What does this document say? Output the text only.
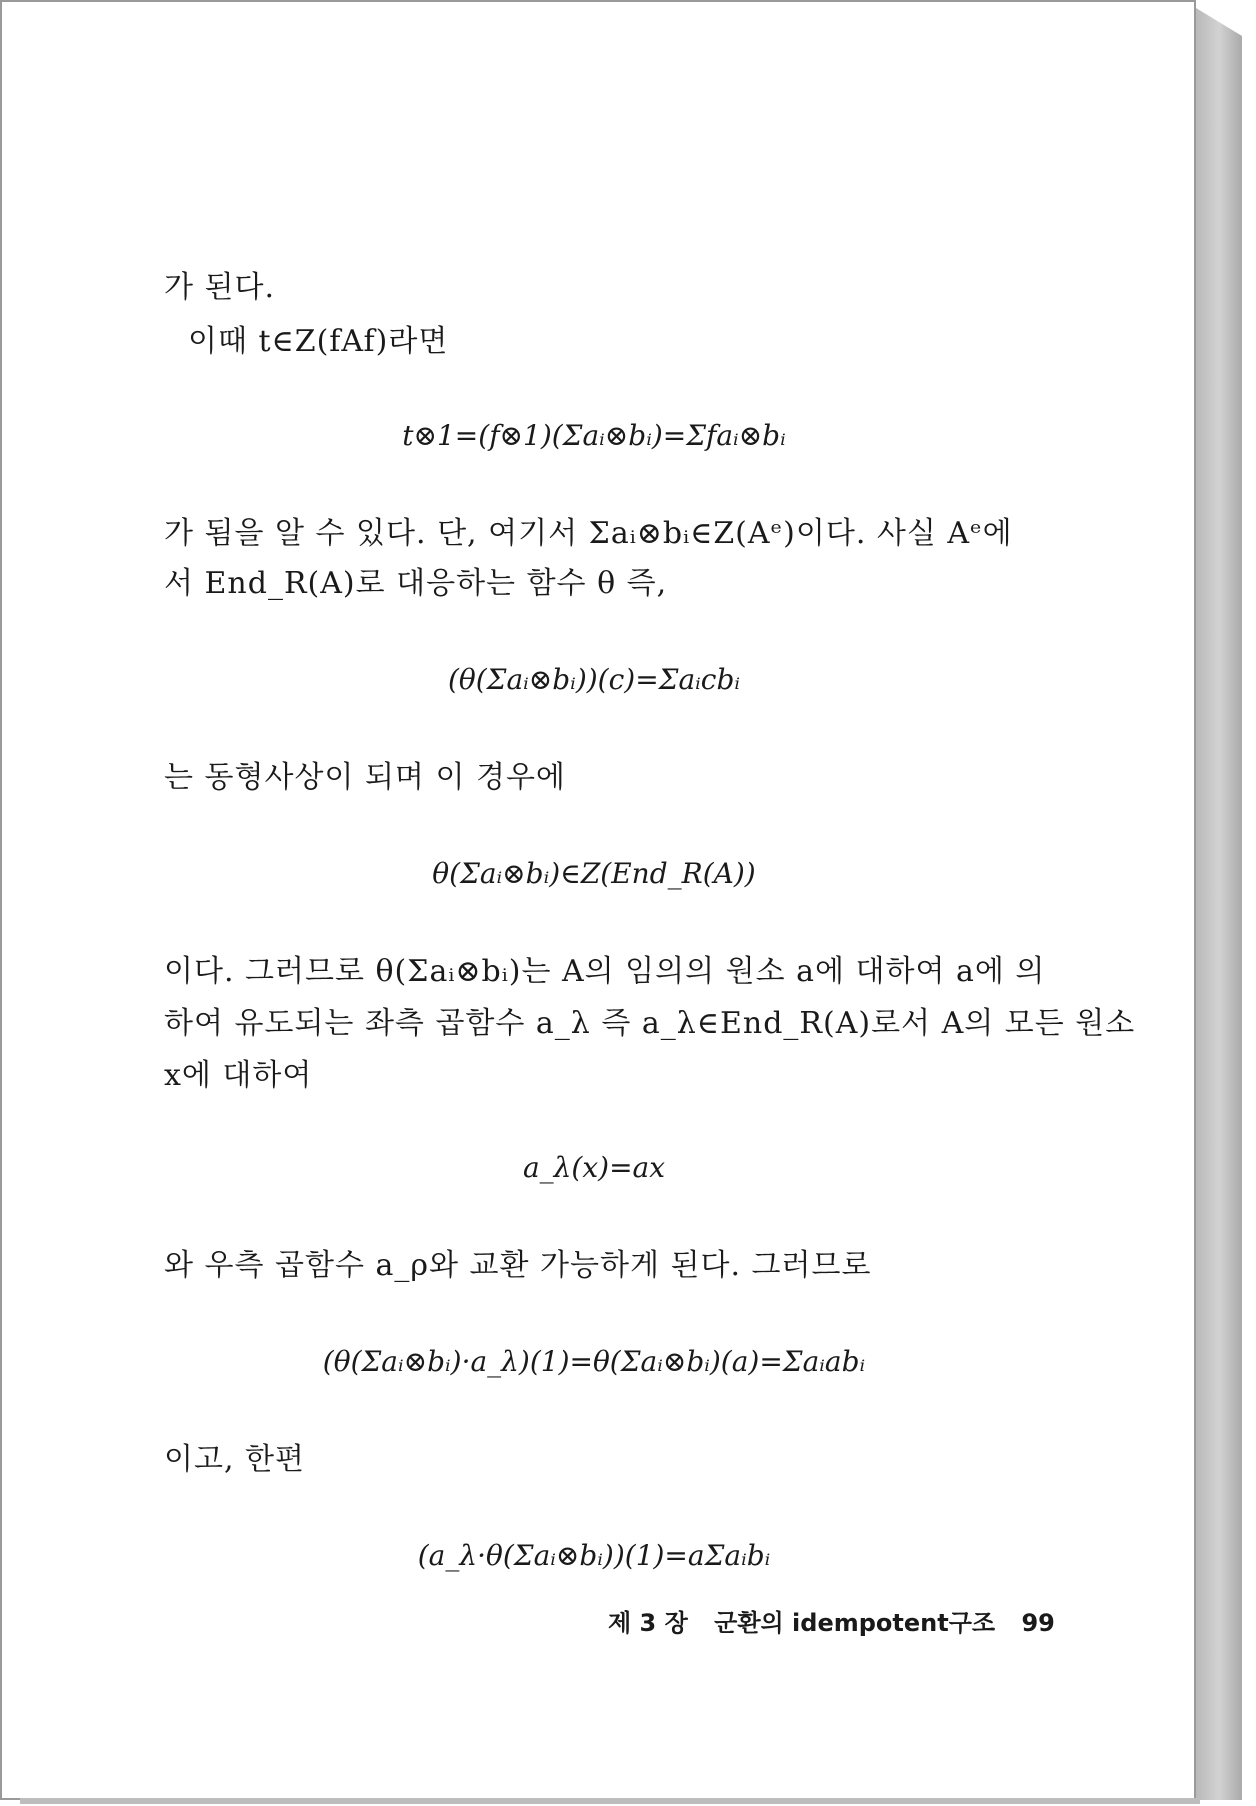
가 된다.
이때 t∈Z(fAf)라면
t⊗1=(f⊗1)(Σaᵢ⊗bᵢ)=Σfaᵢ⊗bᵢ
가 됨을 알 수 있다. 단, 여기서 Σaᵢ⊗bᵢ∈Z(Aᵉ)이다. 사실 Aᵉ에
서 End_R(A)로 대응하는 함수 θ 즉,
(θ(Σaᵢ⊗bᵢ))(c)=Σaᵢcbᵢ
는 동형사상이 되며 이 경우에
θ(Σaᵢ⊗bᵢ)∈Z(End_R(A))
이다. 그러므로 θ(Σaᵢ⊗bᵢ)는 A의 임의의 원소 a에 대하여 a에 의
하여 유도되는 좌측 곱함수 a_λ 즉 a_λ∈End_R(A)로서 A의 모든 원소
x에 대하여
a_λ(x)=ax
와 우측 곱함수 a_ρ와 교환 가능하게 된다. 그러므로
(θ(Σaᵢ⊗bᵢ)·a_λ)(1)=θ(Σaᵢ⊗bᵢ)(a)=Σaᵢabᵢ
이고, 한편
(a_λ·θ(Σaᵢ⊗bᵢ))(1)=aΣaᵢbᵢ
제 3 장 군환의 idempotent구조 99
